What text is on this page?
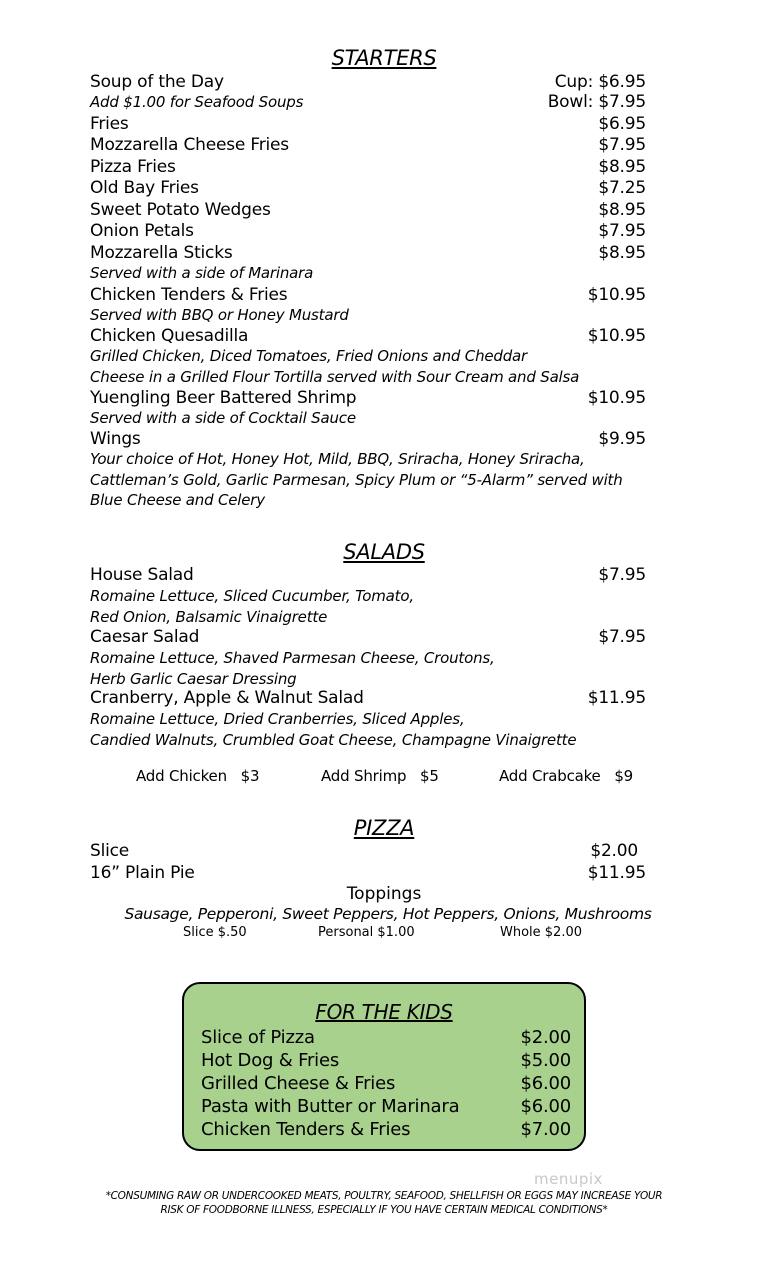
STARTERS
Soup of the Day	Cup: $6.95
Add $1.00 for Seafood Soups	Bowl: $7.95
Fries	$6.95
Mozzarella Cheese Fries	$7.95
Pizza Fries	$8.95
Old Bay Fries	$7.25
Sweet Potato Wedges	$8.95
Onion Petals	$7.95
Mozzarella Sticks	$8.95
Served with a side of Marinara
Chicken Tenders & Fries	$10.95
Served with BBQ or Honey Mustard
Chicken Quesadilla	$10.95
Grilled Chicken, Diced Tomatoes, Fried Onions and Cheddar
Cheese in a Grilled Flour Tortilla served with Sour Cream and Salsa
Yuengling Beer Battered Shrimp	$10.95
Served with a side of Cocktail Sauce
Wings	$9.95
Your choice of Hot, Honey Hot, Mild, BBQ, Sriracha, Honey Sriracha,
Cattleman’s Gold, Garlic Parmesan, Spicy Plum or “5-Alarm” served with
Blue Cheese and Celery
SALADS
House Salad	$7.95
Romaine Lettuce, Sliced Cucumber, Tomato,
Red Onion, Balsamic Vinaigrette
Caesar Salad	$7.95
Romaine Lettuce, Shaved Parmesan Cheese, Croutons,
Herb Garlic Caesar Dressing
Cranberry, Apple & Walnut Salad	$11.95
Romaine Lettuce, Dried Cranberries, Sliced Apples,
Candied Walnuts, Crumbled Goat Cheese, Champagne Vinaigrette
Add Chicken $3	Add Shrimp $5	Add Crabcake $9
PIZZA
Slice	$2.00
16” Plain Pie	$11.95
Toppings
Sausage, Pepperoni, Sweet Peppers, Hot Peppers, Onions, Mushrooms
Slice $.50	Personal $1.00	Whole $2.00
FOR THE KIDS
Slice of Pizza	$2.00
Hot Dog & Fries	$5.00
Grilled Cheese & Fries	$6.00
Pasta with Butter or Marinara	$6.00
Chicken Tenders & Fries	$7.00
menupix
*CONSUMING RAW OR UNDERCOOKED MEATS, POULTRY, SEAFOOD, SHELLFISH OR EGGS MAY INCREASE YOUR
RISK OF FOODBORNE ILLNESS, ESPECIALLY IF YOU HAVE CERTAIN MEDICAL CONDITIONS*
